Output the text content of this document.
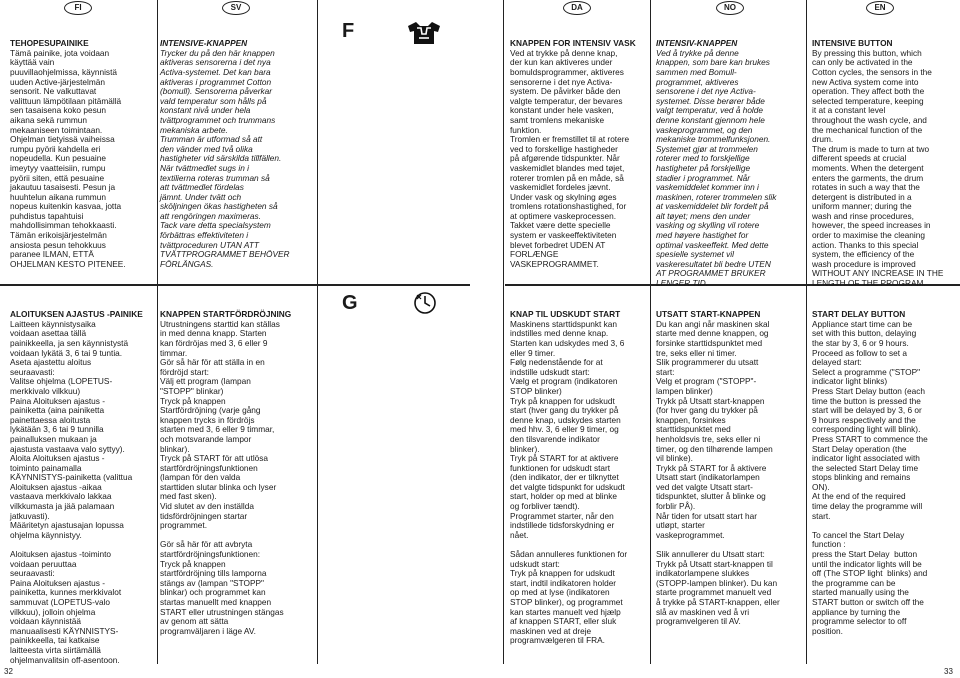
FI	SV	DA	NO	EN
F
G

TEHOPESUPAINIKE
Tämä painike, jota voidaan
käyttää vain
puuvillaohjelmissa, käynnistä
uuden Active-järjestelmän
sensorit. Ne valkuttavat
valittuun lämpötilaan pitämällä
sen tasaisena koko pesun
aikana sekä rummun
mekaaniseen toimintaan.
Ohjelman tietyissä vaiheissa
rumpu pyörii kahdella eri
nopeudella. Kun pesuaine
imeytyy vaatteisiin, rumpu
pyörii siten, että pesuaine
jakautuu tasaisesti. Pesun ja
huuhtelun aikana rummun
nopeus kuitenkin kasvaa, jotta
puhdistus tapahtuisi
mahdollisimman tehokkaasti.
Tämän erikoisjärjestelmän
ansiosta pesun tehokkuus
paranee ILMAN, ETTÄ
OHJELMAN KESTO PITENEE.

INTENSIVE-KNAPPEN
Trycker du på den här knappen
aktiveras sensorerna i det nya
Activa-systemet. Det kan bara
aktiveras i programmet Cotton
(bomull). Sensorerna påverkar
vald temperatur som hålls på
konstant nivå under hela
tvättprogrammet och trummans
mekaniska arbete.
Trumman är utformad så att
den vänder med två olika
hastigheter vid särskilda tillfällen.
När tvättmedlet sugs in i
textilierna roteras trumman så
att tvättmedlet fördelas
jämnt. Under tvätt och
sköljningen ökas hastigheten så
att rengöringen maximeras.
Tack vare detta specialsystem
förbättras effektiviteten i
tvättproceduren UTAN ATT
TVÄTTPROGRAMMET BEHÖVER
FÖRLÄNGAS.

KNAPPEN FOR INTENSIV VASK
Ved at trykke på denne knap,
der kun kan aktiveres under
bomuldsprogrammer, aktiveres
sensorerne i det nye Activa-
system. De påvirker både den
valgte temperatur, der bevares
konstant under hele vasken,
samt tromlens mekaniske
funktion.
Tromlen er fremstillet til at rotere
ved to forskellige hastigheder
på afgørende tidspunkter. Når
vaskemidlet blandes med tøjet,
roterer tromlen på en måde, så
vaskemidlet fordeles jævnt.
Under vask og skylning øges
tromlens rotationshastighed, for
at optimere vaskeprocessen.
Takket være dette specielle
system er vaskeeffektiviteten
blevet forbedret UDEN AT
FORLÆNGE
VASKEPROGRAMMET.

INTENSIV-KNAPPEN
Ved å trykke på denne
knappen, som bare kan brukes
sammen med Bomull-
programmet, aktiveres
sensorene i det nye Activa-
systemet. Disse berører både
valgt temperatur, ved å holde
denne konstant gjennom hele
vaskeprogrammet, og den
mekaniske trommelfunksjonen.
Systemet gjør at trommelen
roterer med to forskjellige
hastigheter på forskjellige
stadier i programmet. Når
vaskemiddelet kommer inn i
maskinen, roterer trommelen slik
at vaskemiddelet blir fordelt på
alt tøyet; mens den under
vasking og skylling vil rotere
med høyere hastighet for
optimal vaskeeffekt. Med dette
spesielle systemet vil
vaskeresultatet bli bedre UTEN
AT PROGRAMMET BRUKER
LENGER TID.

INTENSIVE BUTTON
By pressing this button, which
can only be activated in the
Cotton cycles, the sensors in the
new Activa system come into
operation. They affect both the
selected temperature, keeping
it at a constant level
throughout the wash cycle, and
the mechanical function of the
drum.
The drum is made to turn at two
different speeds at crucial
moments. When the detergent
enters the garments, the drum
rotates in such a way that the
detergent is distributed in a
uniform manner; during the
wash and rinse procedures,
however, the speed increases in
order to maximise the cleaning
action. Thanks to this special
system, the efficiency of the
wash procedure is improved
WITHOUT ANY INCREASE IN THE
LENGTH OF THE PROGRAM.

ALOITUKSEN AJASTUS -PAINIKE
Laitteen käynnistysaika
voidaan asettaa tällä
painikkeella, ja sen käynnistystä
voidaan lykätä 3, 6 tai 9 tuntia.
Aseta ajastettu aloitus
seuraavasti:
Valitse ohjelma (LOPETUS-
merkkivalo vilkkuu)
Paina Aloituksen ajastus -
painiketta (aina painiketta
painettaessa aloitusta
lykätään 3, 6 tai 9 tunnilla
painalluksen mukaan ja
ajastusta vastaava valo syttyy).
Aloita Aloituksen ajastus -
toiminto painamalla
KÄYNNISTYS-painiketta (valittua
Aloituksen ajastus -aikaa
vastaava merkkivalo lakkaa
vilkkumasta ja jää palamaan
jatkuvasti).
Määritetyn ajastusajan lopussa
ohjelma käynnistyy.

Aloituksen ajastus -toiminto
voidaan peruuttaa
seuraavasti:
Paina Aloituksen ajastus -
painiketta, kunnes merkkivalot
sammuvat (LOPETUS-valo
vilkkuu), jolloin ohjelma
voidaan käynnistää
manuaalisesti KÄYNNISTYS-
painikkeella, tai katkaise
laitteesta virta siirtämällä
ohjelmanvalitsin off-asentoon.

KNAPPEN STARTFÖRDRÖJNING
Utrustningens starttid kan ställas
in med denna knapp. Starten
kan fördröjas med 3, 6 eller 9
timmar.
Gör så här för att ställa in en
fördröjd start:
Välj ett program (lampan
"STOPP" blinkar)
Tryck på knappen
Startfördröjning (varje gång
knappen trycks in fördröjs
starten med 3, 6 eller 9 timmar,
och motsvarande lampor
blinkar).
Tryck på START för att utlösa
startfördröjningsfunktionen
(lampan för den valda
starttiden slutar blinka och lyser
med fast sken).
Vid slutet av den inställda
tidsfördröjningen startar
programmet.

Gör så här för att avbryta
startfördröjningsfunktionen:
Tryck på knappen
startfördröjning tills lamporna
stängs av (lampan "STOPP"
blinkar) och programmet kan
startas manuellt med knappen
START eller utrustningen stängas
av genom att sätta
programväljaren i läge AV.

KNAP TIL UDSKUDT START
Maskinens starttidspunkt kan
indstilles med denne knap.
Starten kan udskydes med 3, 6
eller 9 timer.
Følg nedenstående for at
indstille udskudt start:
Vælg et program (indikatoren
STOP blinker)
Tryk på knappen for udskudt
start (hver gang du trykker på
denne knap, udskydes starten
med hhv. 3, 6 eller 9 timer, og
den tilsvarende indikator
blinker).
Tryk på START for at aktivere
funktionen for udskudt start
(den indikator, der er tilknyttet
det valgte tidspunkt for udskudt
start, holder op med at blinke
og forbliver tændt).
Programmet starter, når den
indstillede tidsforskydning er
nået.

Sådan annulleres funktionen for
udskudt start:
Tryk på knappen for udskudt
start, indtil indikatoren holder
op med at lyse (indikatoren
STOP blinker), og programmet
kan startes manuelt ved hjælp
af knappen START, eller sluk
maskinen ved at dreje
programvælgeren til FRA.

UTSATT START-KNAPPEN
Du kan angi når maskinen skal
starte med denne knappen, og
forsinke starttidspunktet med
tre, seks eller ni timer.
Slik programmerer du utsatt
start:
Velg et program ("STOPP"-
lampen blinker)
Trykk på Utsatt start-knappen
(for hver gang du trykker på
knappen, forsinkes
starttidspunktet med
henholdsvis tre, seks eller ni
timer, og den tilhørende lampen
vil blinke).
Trykk på START for å aktivere
Utsatt start (indikatorlampen
ved det valgte Utsatt start-
tidspunktet, slutter å blinke og
forblir PÅ).
Når tiden for utsatt start har
utløpt, starter
vaskeprogrammet.

Slik annullerer du Utsatt start:
Trykk på Utsatt start-knappen til
indikatorlampene slukkes
(STOPP-lampen blinker). Du kan
starte programmet manuelt ved
å trykke på START-knappen, eller
slå av maskinen ved å vri
programvelgeren til AV.

START DELAY BUTTON
Appliance start time can be
set with this button, delaying
the star by 3, 6 or 9 hours.
Proceed as follow to set a
delayed start:
Select a programme ("STOP"
indicator light blinks)
Press Start Delay button (each
time the button is pressed the
start will be delayed by 3, 6 or
9 hours respectively and the
corresponding light will blink).
Press START to commence the
Start Delay operation (the
indicator light associated with
the selected Start Delay time
stops blinking and remains
ON).
At the end of the required
time delay the programme will
start.

To cancel the Start Delay
function :
press the Start Delay  button
until the indicator lights will be
off (The STOP light  blinks) and
the programme can be
started manually using the
START button or switch off the
appliance by turning the
programme selector to off
position.

32	33
